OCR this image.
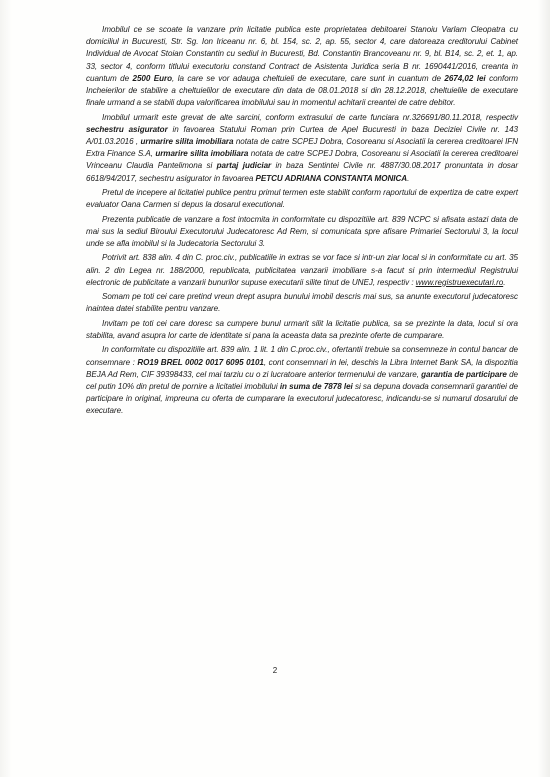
Imobilul ce se scoate la vanzare prin licitatie publica este proprietatea debitoarei Stanoiu Varlam Cleopatra cu domiciliul in Bucuresti, Str. Sg. Ion Iriceanu nr. 6, bl. 154, sc. 2, ap. 55, sector 4, care datoreaza creditorului Cabinet Individual de Avocat Stoian Constantin cu sediul in Bucuresti, Bd. Constantin Brancoveanu nr. 9, bl. B14, sc. 2, et. 1, ap. 33, sector 4, conform titlului executoriu constand Contract de Asistenta Juridica seria B nr. 1690441/2016, creanta in cuantum de 2500 Euro, la care se vor adauga cheltuieli de executare, care sunt in cuantum de 2674,02 lei conform Incheierilor de stabilire a cheltuielilor de executare din data de 08.01.2018 si din 28.12.2018, cheltuielile de executare finale urmand a se stabili dupa valorificarea imobilului sau in momentul achitarii creantei de catre debitor.

Imobilul urmarit este grevat de alte sarcini, conform extrasului de carte funciara nr.326691/80.11.2018, respectiv sechestru asigurator in favoarea Statului Roman prin Curtea de Apel Bucuresti in baza Deciziei Civile nr. 143 A/01.03.2016 , urmarire silita imobiliara notata de catre SCPEJ Dobra, Cosoreanu si Asociatii la cererea creditoarei IFN Extra Finance S.A, urmarire silita imobiliara notata de catre SCPEJ Dobra, Cosoreanu si Asociatii la cererea creditoarei Vrinceanu Claudia Pantelimona si partaj judiciar in baza Sentintei Civile nr. 4887/30.08.2017 pronuntata in dosar 6618/94/2017, sechestru asigurator in favoarea PETCU ADRIANA CONSTANTA MONICA.

Pretul de incepere al licitatiei publice pentru primul termen este stabilit conform raportului de expertiza de catre expert evaluator Oana Carmen si depus la dosarul executional.

Prezenta publicatie de vanzare a fost intocmita in conformitate cu dispozitiile art. 839 NCPC si afisata astazi data de mai sus la sediul Biroului Executorului Judecatoresc Ad Rem, si comunicata spre afisare Primariei Sectorului 3, la locul unde se afla imobilul si la Judecatoria Sectorului 3.

Potrivit art. 838 alin. 4 din C. proc.civ., publicatiile in extras se vor face si intr-un ziar local si in conformitate cu art. 35 alin. 2 din Legea nr. 188/2000, republicata, publicitatea vanzarii imobiliare s-a facut si prin intermediul Registrului electronic de publicitate a vanzarii bunurilor supuse executarii silite tinut de UNEJ, respectiv : www.registruexecutari.ro.

Somam pe toti cei care pretind vreun drept asupra bunului imobil descris mai sus, sa anunte executorul judecatoresc inaintea datei stabilite pentru vanzare.

Invitam pe toti cei care doresc sa cumpere bunul urmarit silit la licitatie publica, sa se prezinte la data, locul si ora stabilita, avand asupra lor carte de identitate si pana la aceasta data sa prezinte oferte de cumparare.

In conformitate cu dispozitiile art. 839 alin. 1 lit. 1 din C.proc.civ., ofertantii trebuie sa consemneze in contul bancar de consemnare : RO19 BREL 0002 0017 6095 0101, cont consemnari in lei, deschis la Libra Internet Bank SA, la dispozitia BEJA Ad Rem, CIF 39398433, cel mai tarziu cu o zi lucratoare anterior termenului de vanzare, garantia de participare de cel putin 10% din pretul de pornire a licitatiei imobilului in suma de 7878 lei si sa depuna dovada consemnarii garantiei de participare in original, impreuna cu oferta de cumparare la executorul judecatoresc, indicandu-se si numarul dosarului de executare.

2
